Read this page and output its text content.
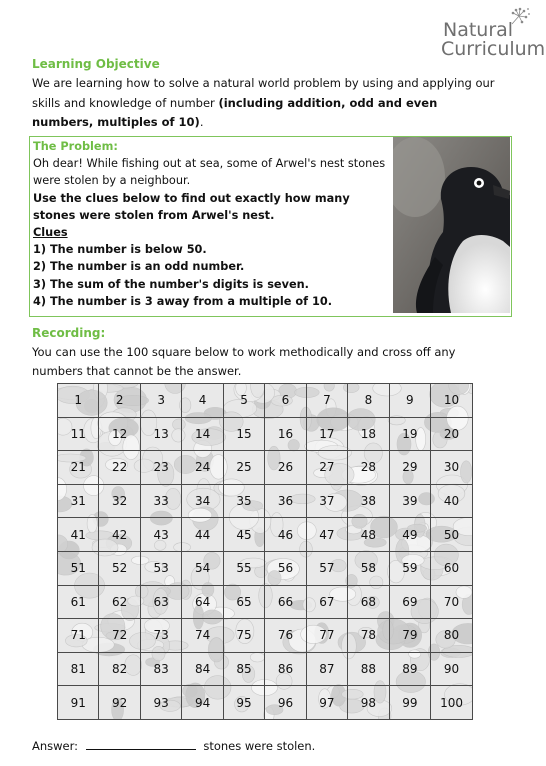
Natural
Curriculum
Learning Objective
We are learning how to solve a natural world problem by using and applying our skills and knowledge of number (including addition, odd and even numbers, multiples of 10).
The Problem:
Oh dear! While fishing out at sea, some of Arwel's nest stones were stolen by a neighbour.
Use the clues below to find out exactly how many stones were stolen from Arwel's nest.
Clues
1) The number is below 50.
2) The number is an odd number.
3) The sum of the number's digits is seven.
4) The number is 3 away from a multiple of 10.
Recording:
You can use the 100 square below to work methodically and cross off any numbers that cannot be the answer.
1	2	3	4	5	6	7	8	9	10
11	12	13	14	15	16	17	18	19	20
21	22	23	24	25	26	27	28	29	30
31	32	33	34	35	36	37	38	39	40
41	42	43	44	45	46	47	48	49	50
51	52	53	54	55	56	57	58	59	60
61	62	63	64	65	66	67	68	69	70
71	72	73	74	75	76	77	78	79	80
81	82	83	84	85	86	87	88	89	90
91	92	93	94	95	96	97	98	99	100
Answer:	stones were stolen.
